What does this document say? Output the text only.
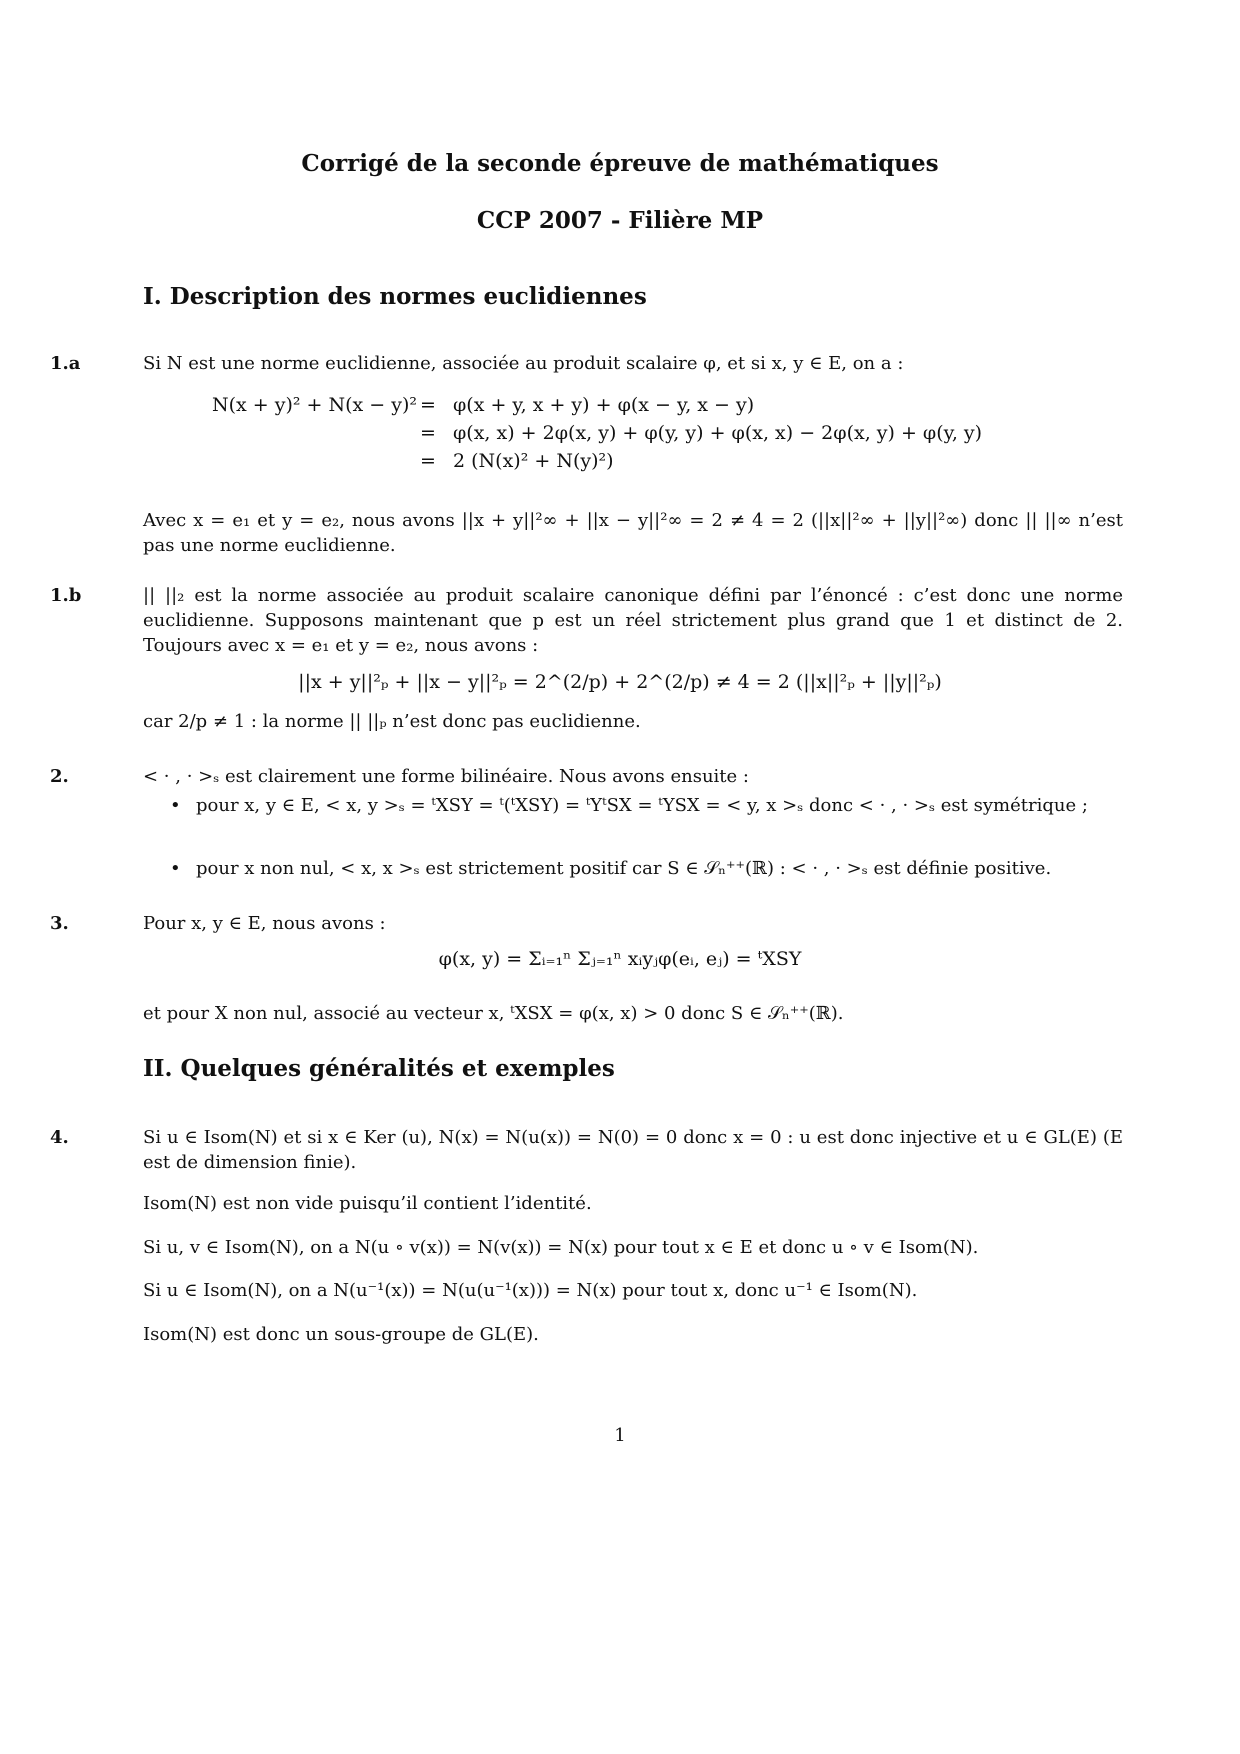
Corrigé de la seconde épreuve de mathématiques
CCP 2007 - Filière MP
I. Description des normes euclidiennes
1.a	Si N est une norme euclidienne, associée au produit scalaire φ, et si x, y ∈ E, on a :
N(x + y)² + N(x − y)² = φ(x + y, x + y) + φ(x − y, x − y)
= φ(x, x) + 2φ(x, y) + φ(y, y) + φ(x, x) − 2φ(x, y) + φ(y, y)
= 2 (N(x)² + N(y)²)
Avec x = e₁ et y = e₂, nous avons ||x + y||²∞ + ||x − y||²∞ = 2 ≠ 4 = 2 (||x||²∞ + ||y||²∞) donc || ||∞ n’est pas une norme euclidienne.
1.b	|| ||₂ est la norme associée au produit scalaire canonique défini par l’énoncé : c’est donc une norme euclidienne. Supposons maintenant que p est un réel strictement plus grand que 1 et distinct de 2. Toujours avec x = e₁ et y = e₂, nous avons :
||x + y||²ₚ + ||x − y||²ₚ = 2^(2/p) + 2^(2/p) ≠ 4 = 2 (||x||²ₚ + ||y||²ₚ)
car 2/p ≠ 1 : la norme || ||ₚ n’est donc pas euclidienne.
2.	< · , · >ₛ est clairement une forme bilinéaire. Nous avons ensuite :
• pour x, y ∈ E, < x, y >ₛ = ᵗXSY = ᵗ(ᵗXSY) = ᵗYᵗSX = ᵗYSX = < y, x >ₛ donc < · , · >ₛ est symétrique ;
• pour x non nul, < x, x >ₛ est strictement positif car S ∈ 𝒮ₙ⁺⁺(ℝ) : < · , · >ₛ est définie positive.
3.	Pour x, y ∈ E, nous avons :
φ(x, y) = Σᵢ₌₁ⁿ Σⱼ₌₁ⁿ xᵢyⱼφ(eᵢ, eⱼ) = ᵗXSY
et pour X non nul, associé au vecteur x, ᵗXSX = φ(x, x) > 0 donc S ∈ 𝒮ₙ⁺⁺(ℝ).
II. Quelques généralités et exemples
4.	Si u ∈ Isom(N) et si x ∈ Ker (u), N(x) = N(u(x)) = N(0) = 0 donc x = 0 : u est donc injective et u ∈ GL(E) (E est de dimension finie).
Isom(N) est non vide puisqu’il contient l’identité.
Si u, v ∈ Isom(N), on a N(u ∘ v(x)) = N(v(x)) = N(x) pour tout x ∈ E et donc u ∘ v ∈ Isom(N).
Si u ∈ Isom(N), on a N(u⁻¹(x)) = N(u(u⁻¹(x))) = N(x) pour tout x, donc u⁻¹ ∈ Isom(N).
Isom(N) est donc un sous-groupe de GL(E).
1
